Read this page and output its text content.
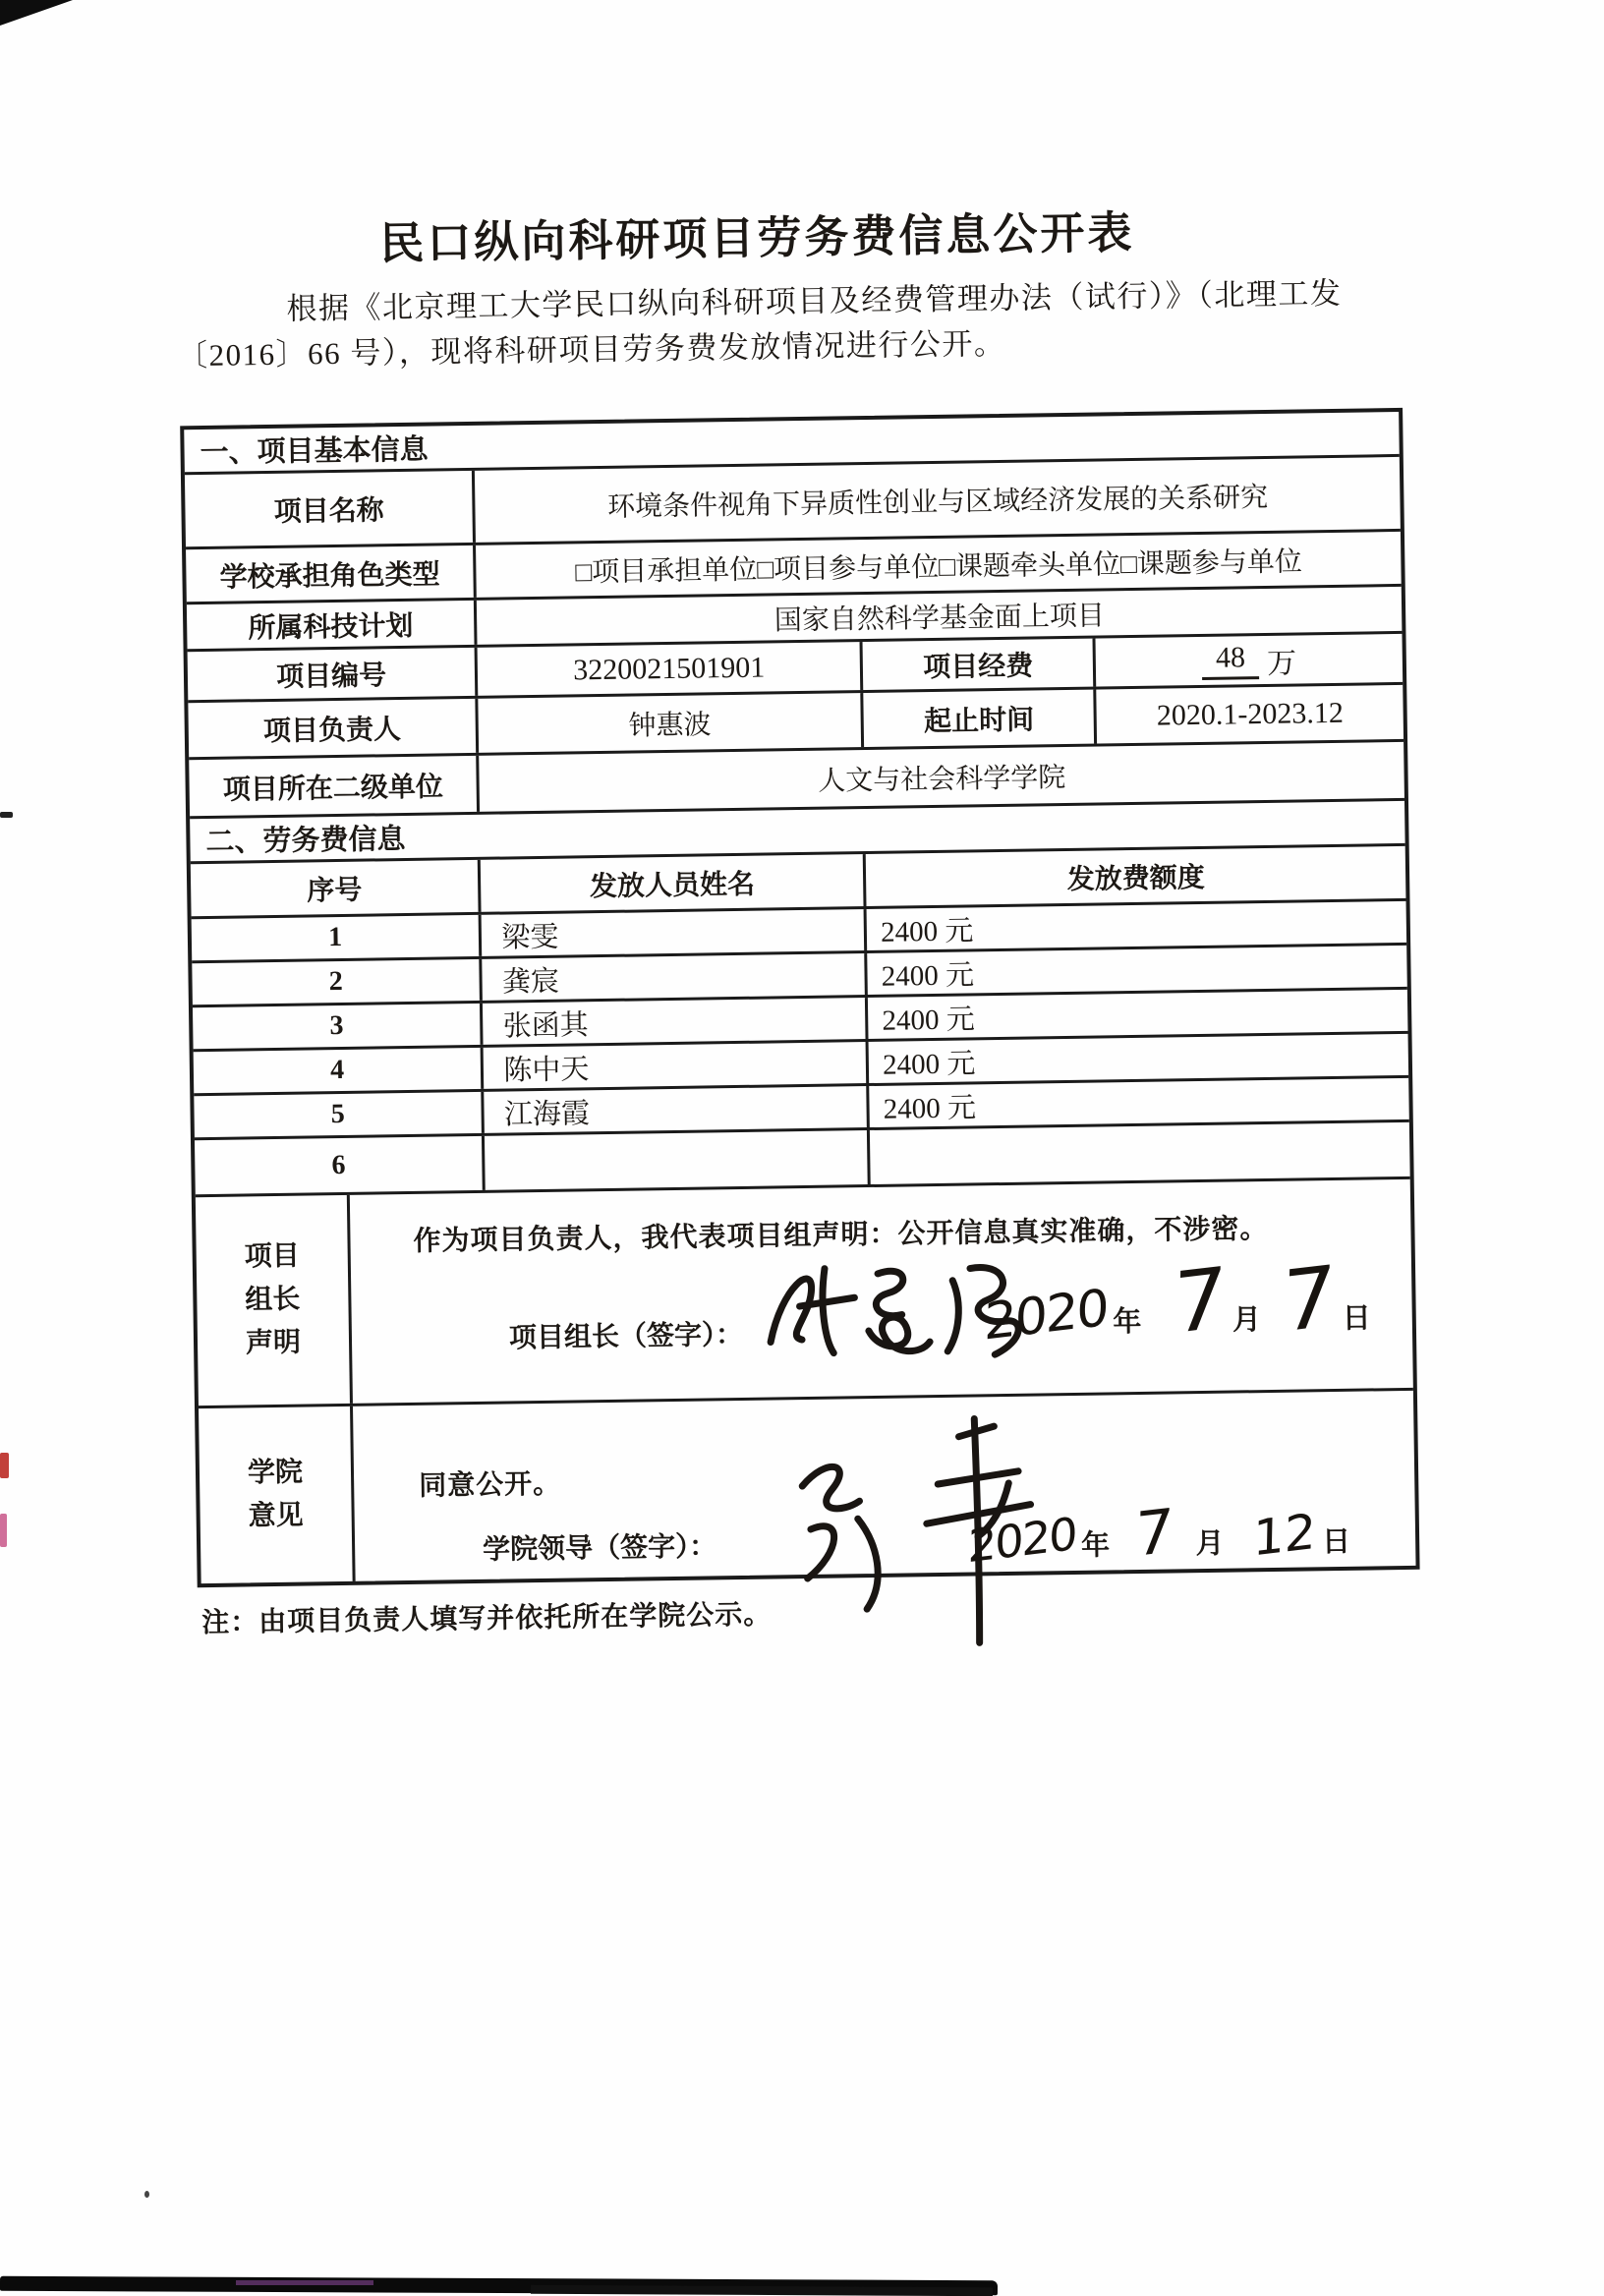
民口纵向科研项目劳务费信息公开表
根据《北京理工大学民口纵向科研项目及经费管理办法（试行）》（北理工发
〔2016〕66 号），现将科研项目劳务费发放情况进行公开。
一、项目基本信息
项目名称	环境条件视角下异质性创业与区域经济发展的关系研究
学校承担角色类型	□项目承担单位□项目参与单位□课题牵头单位□课题参与单位
所属科技计划	国家自然科学基金面上项目
项目编号	3220021501901	项目经费	48 万
项目负责人	钟惠波	起止时间	2020.1-2023.12
项目所在二级单位	人文与社会科学学院
二、劳务费信息
序号	发放人员姓名	发放费额度
1	梁雯	2400 元
2	龚宸	2400 元
3	张函其	2400 元
4	陈中天	2400 元
5	江海霞	2400 元
6
项目
组长
声明
作为项目负责人，我代表项目组声明：公开信息真实准确，不涉密。
项目组长（签字）：	2020 年 7 月 7 日
学院
意见
同意公开。
学院领导（签字）：	2020 年 7 月 12 日
注：由项目负责人填写并依托所在学院公示。
